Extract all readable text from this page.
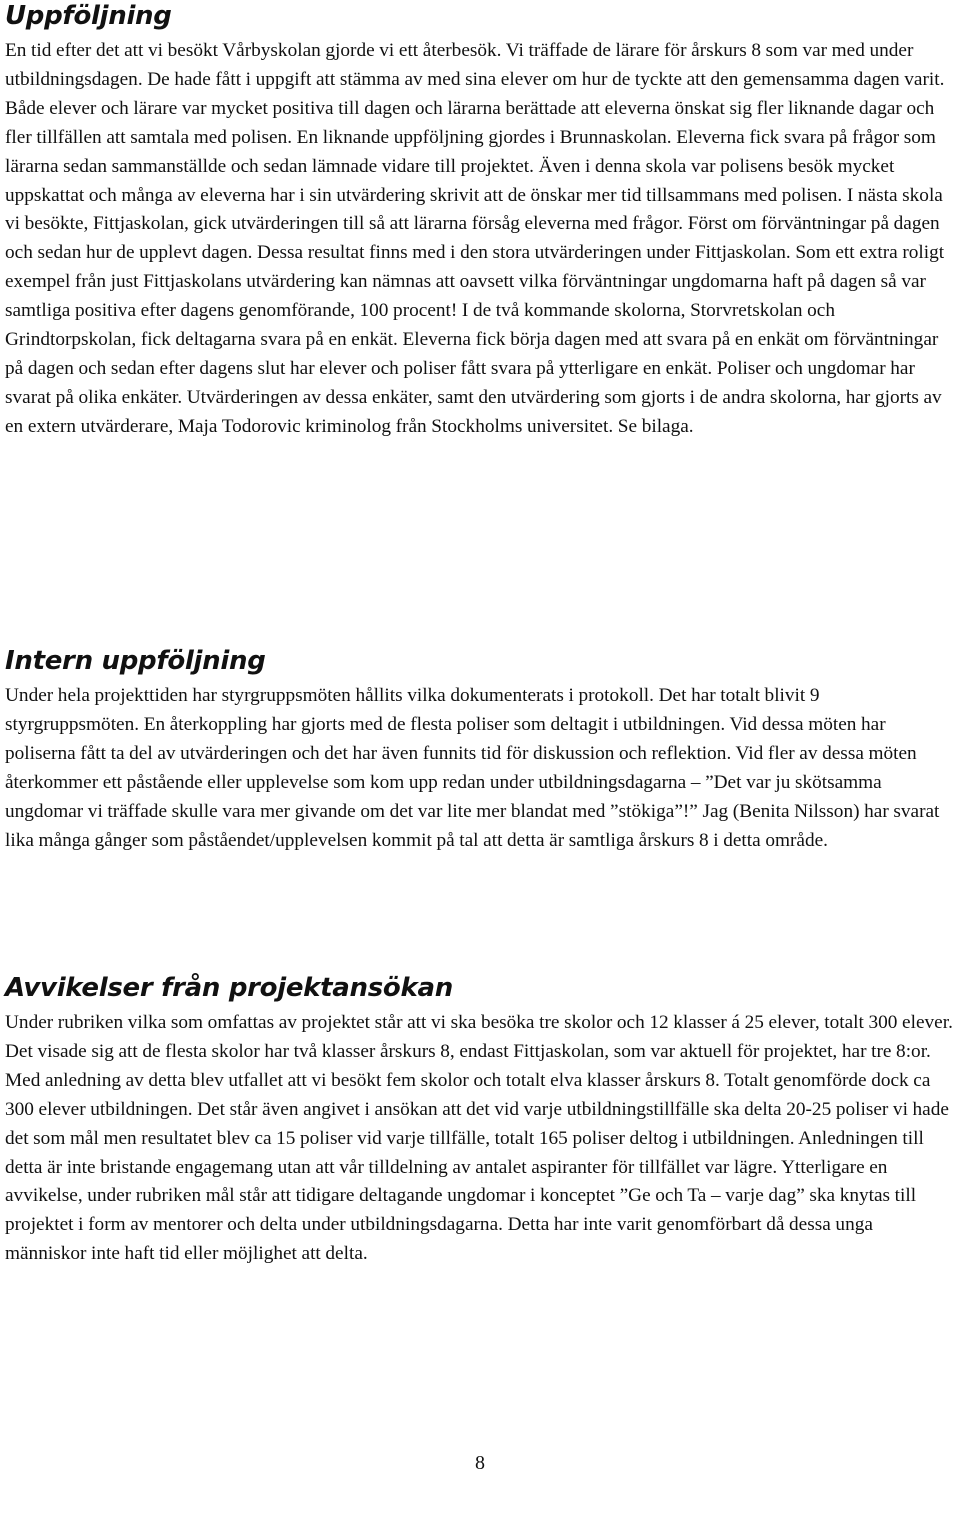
Uppföljning

En tid efter det att vi besökt Vårbyskolan gjorde vi ett återbesök. Vi träffade de lärare för årskurs 8 som var med under utbildningsdagen. De hade fått i uppgift att stämma av med sina elever om hur de tyckte att den gemensamma dagen varit. Både elever och lärare var mycket positiva till dagen och lärarna berättade att eleverna önskat sig fler liknande dagar och fler tillfällen att samtala med polisen. En liknande uppföljning gjordes i Brunnaskolan. Eleverna fick svara på frågor som lärarna sedan sammanställde och sedan lämnade vidare till projektet. Även i denna skola var polisens besök mycket uppskattat och många av eleverna har i sin utvärdering skrivit att de önskar mer tid tillsammans med polisen. I nästa skola vi besökte, Fittjaskolan, gick utvärderingen till så att lärarna försåg eleverna med frågor. Först om förväntningar på dagen och sedan hur de upplevt dagen. Dessa resultat finns med i den stora utvärderingen under Fittjaskolan. Som ett extra roligt exempel från just Fittjaskolans utvärdering kan nämnas att oavsett vilka förväntningar ungdomarna haft på dagen så var samtliga positiva efter dagens genomförande, 100 procent! I de två kommande skolorna, Storvretskolan och Grindtorpskolan, fick deltagarna svara på en enkät. Eleverna fick börja dagen med att svara på en enkät om förväntningar på dagen och sedan efter dagens slut har elever och poliser fått svara på ytterligare en enkät. Poliser och ungdomar har svarat på olika enkäter. Utvärderingen av dessa enkäter, samt den utvärdering som gjorts i de andra skolorna, har gjorts av en extern utvärderare, Maja Todorovic kriminolog från Stockholms universitet. Se bilaga.

Intern uppföljning

Under hela projekttiden har styrgruppsmöten hållits vilka dokumenterats i protokoll. Det har totalt blivit 9 styrgruppsmöten. En återkoppling har gjorts med de flesta poliser som deltagit i utbildningen. Vid dessa möten har poliserna fått ta del av utvärderingen och det har även funnits tid för diskussion och reflektion. Vid fler av dessa möten återkommer ett påstående eller upplevelse som kom upp redan under utbildningsdagarna – ”Det var ju skötsamma ungdomar vi träffade skulle vara mer givande om det var lite mer blandat med ”stökiga”!” Jag (Benita Nilsson) har svarat lika många gånger som påståendet/upplevelsen kommit på tal att detta är samtliga årskurs 8 i detta område.

Avvikelser från projektansökan

Under rubriken vilka som omfattas av projektet står att vi ska besöka tre skolor och 12 klasser á 25 elever, totalt 300 elever. Det visade sig att de flesta skolor har två klasser årskurs 8, endast Fittjaskolan, som var aktuell för projektet, har tre 8:or. Med anledning av detta blev utfallet att vi besökt fem skolor och totalt elva klasser årskurs 8. Totalt genomförde dock ca 300 elever utbildningen. Det står även angivet i ansökan att det vid varje utbildningstillfälle ska delta 20-25 poliser vi hade det som mål men resultatet blev ca 15 poliser vid varje tillfälle, totalt 165 poliser deltog i utbildningen. Anledningen till detta är inte bristande engagemang utan att vår tilldelning av antalet aspiranter för tillfället var lägre. Ytterligare en avvikelse, under rubriken mål står att tidigare deltagande ungdomar i konceptet ”Ge och Ta – varje dag” ska knytas till projektet i form av mentorer och delta under utbildningsdagarna. Detta har inte varit genomförbart då dessa unga människor inte haft tid eller möjlighet att delta.

8
